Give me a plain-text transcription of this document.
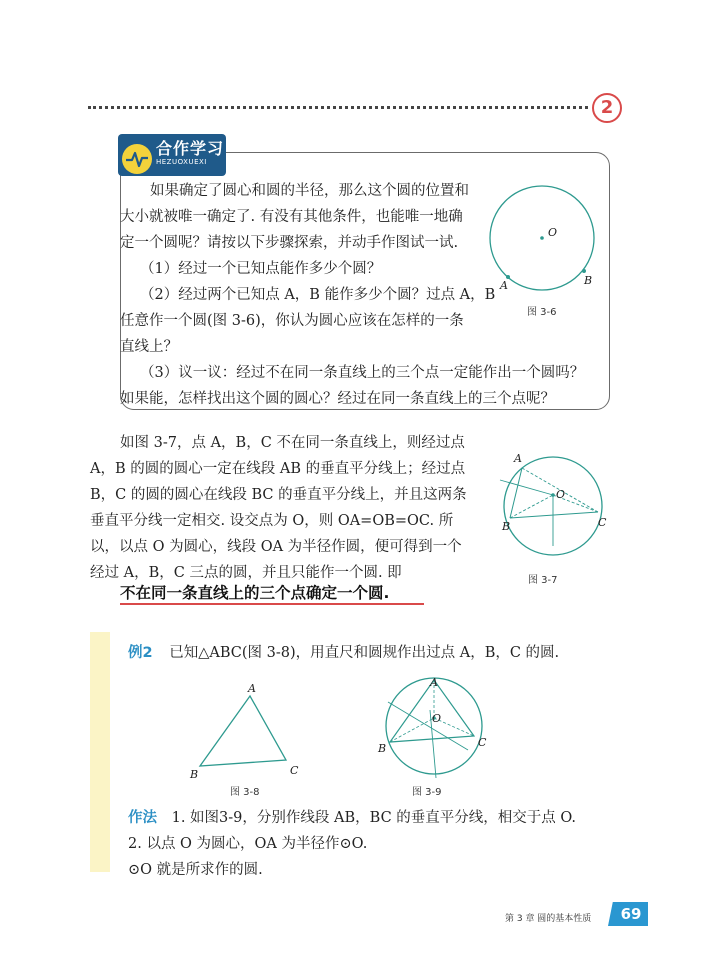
2
合作学习
HEZUOXUEXI
如果确定了圆心和圆的半径，那么这个圆的位置和
大小就被唯一确定了. 有没有其他条件，也能唯一地确
定一个圆呢？请按以下步骤探索，并动手作图试一试.
（1）经过一个已知点能作多少个圆？
（2）经过两个已知点 A，B 能作多少个圆？过点 A，B
任意作一个圆(图 3-6)，你认为圆心应该在怎样的一条
直线上？
（3）议一议：经过不在同一条直线上的三个点一定能作出一个圆吗？
如果能，怎样找出这个圆的圆心？经过在同一条直线上的三个点呢？
O
A	B
图 3-6
如图 3-7，点 A，B，C 不在同一条直线上，则经过点
A，B 的圆的圆心一定在线段 AB 的垂直平分线上；经过点
B，C 的圆的圆心在线段 BC 的垂直平分线上，并且这两条
垂直平分线一定相交. 设交点为 O，则 OA=OB=OC. 所
以，以点 O 为圆心，线段 OA 为半径作圆，便可得到一个
经过 A，B，C 三点的圆，并且只能作一个圆. 即
A
B	C
O
图 3-7
不在同一条直线上的三个点确定一个圆.
例2 已知△ABC(图 3-8)，用直尺和圆规作出过点 A，B，C 的圆.
A
B	C
图 3-8
A
B	C
O
图 3-9
作法 1. 如图3-9，分别作线段 AB，BC 的垂直平分线，相交于点 O.
2. 以点 O 为圆心，OA 为半径作⊙O.
⊙O 就是所求作的圆.
第 3 章 圆的基本性质	69
